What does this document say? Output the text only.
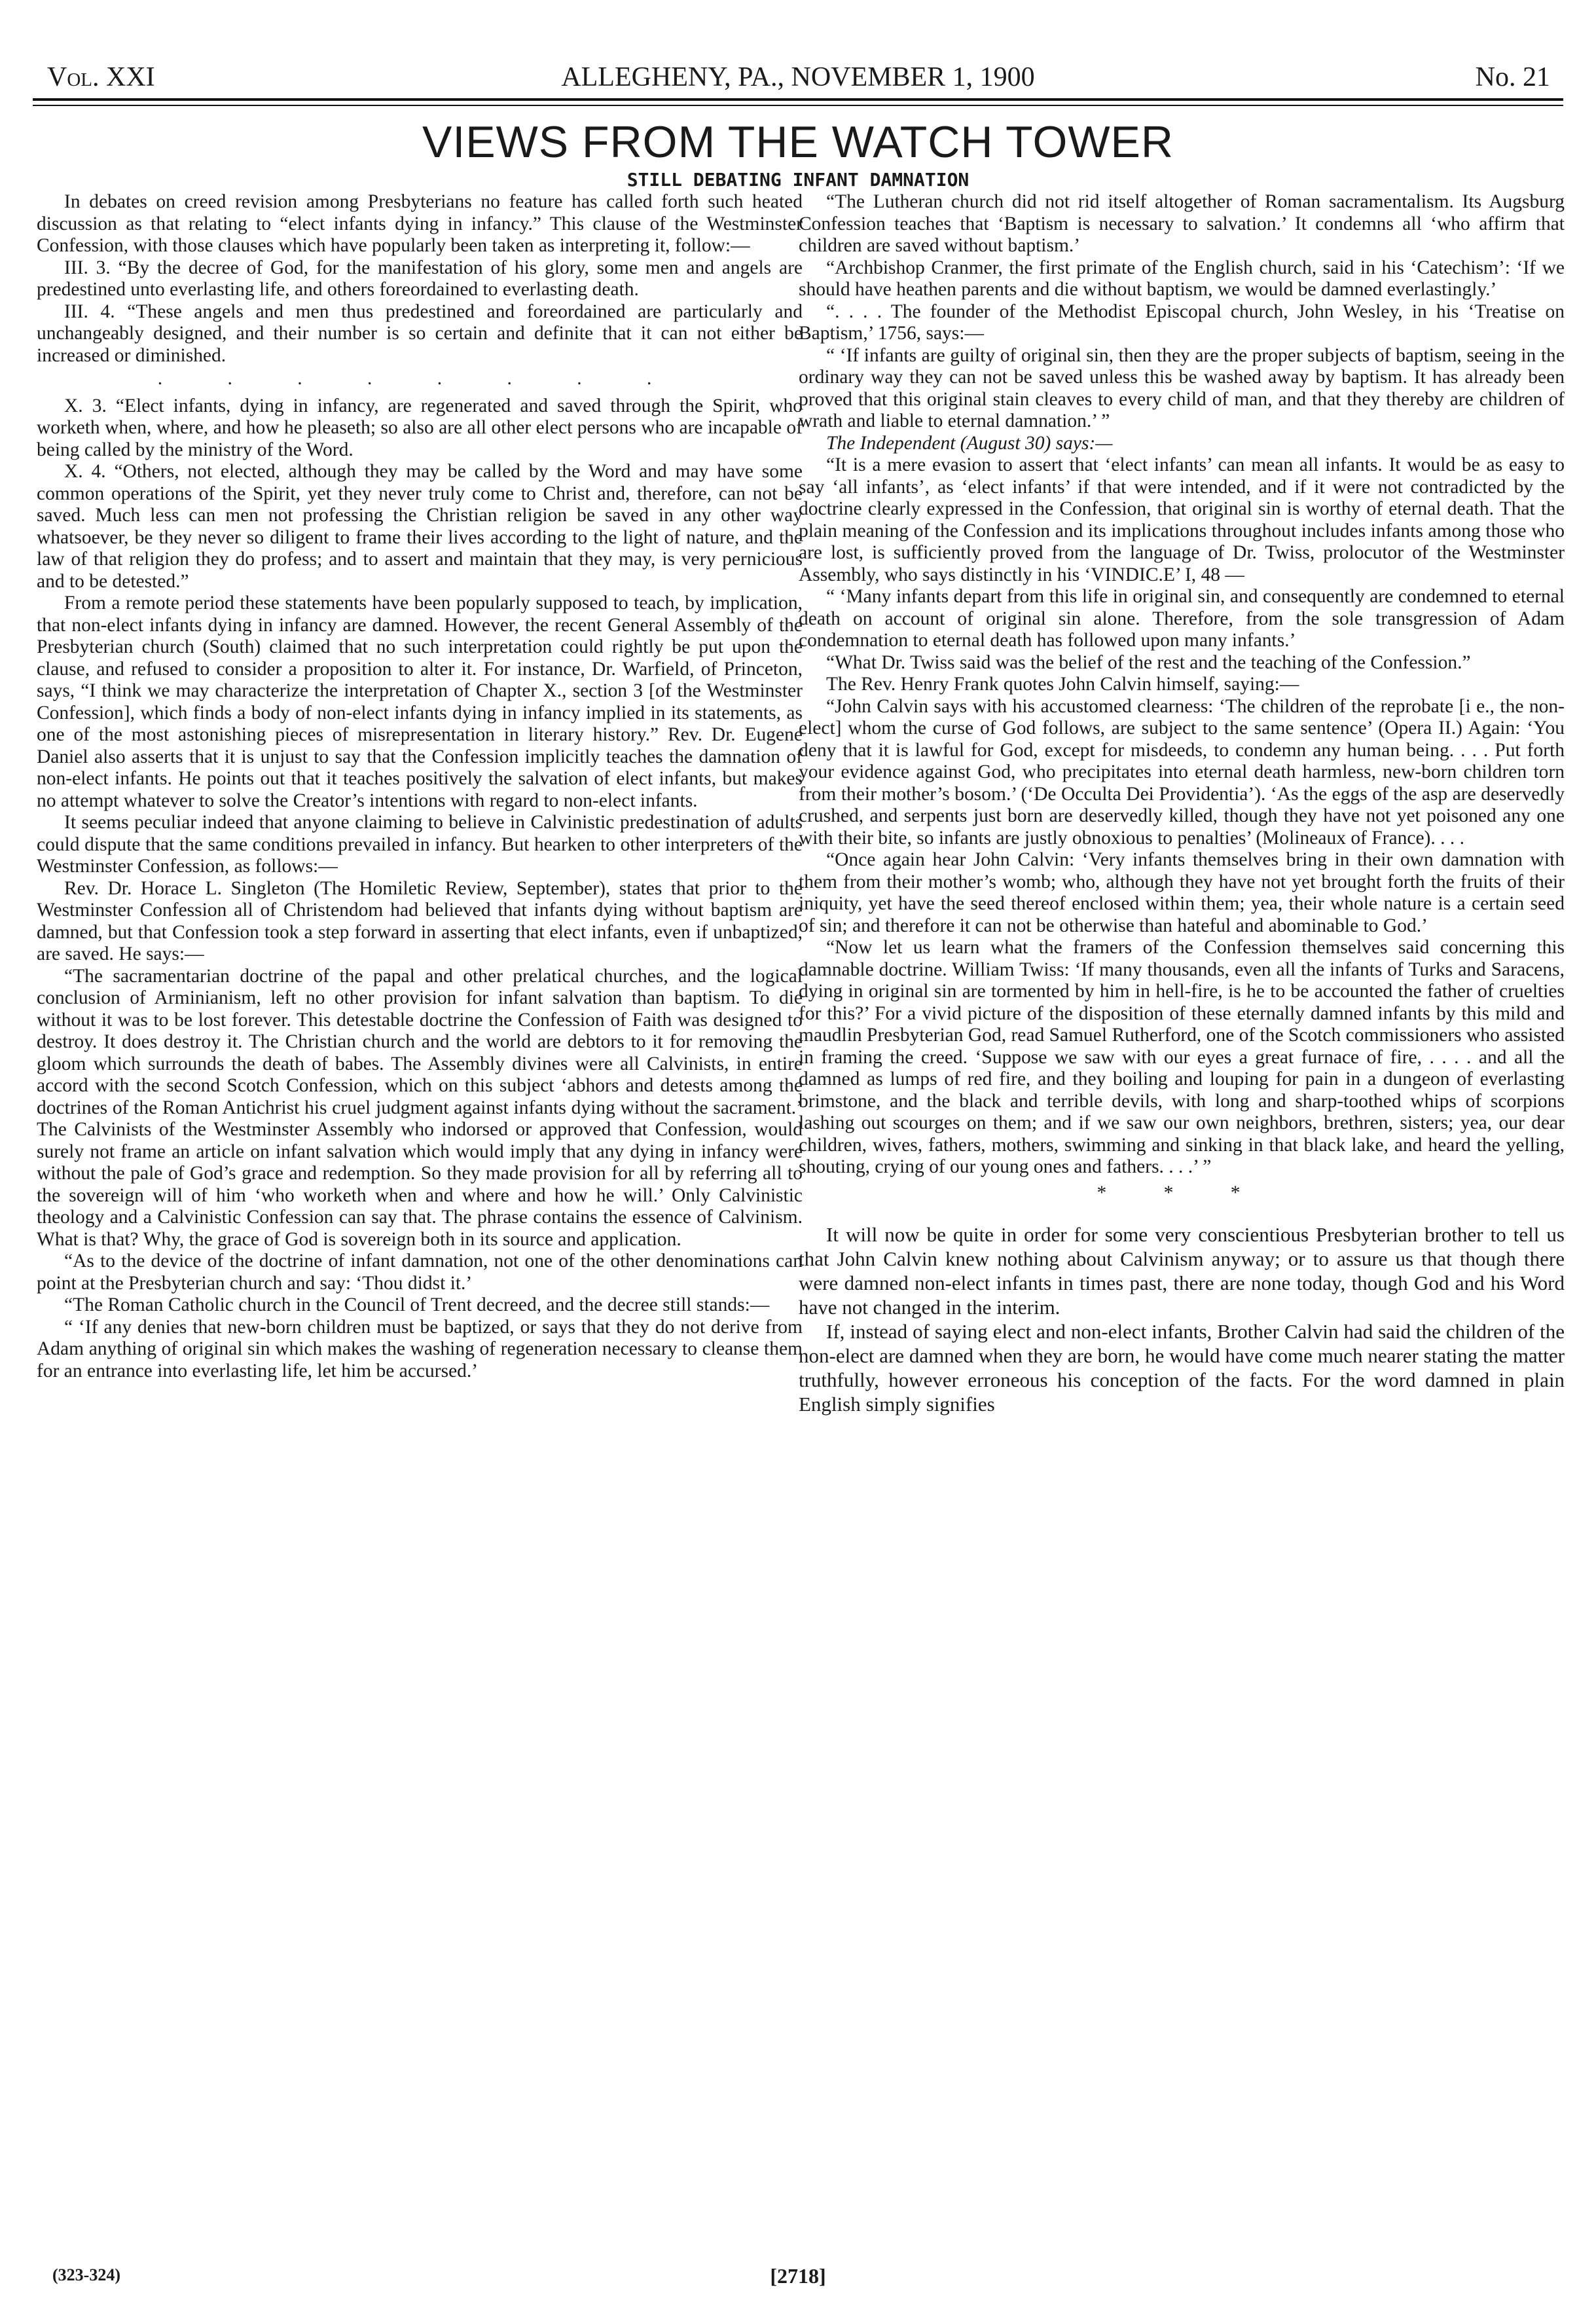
Vol. XXI	ALLEGHENY, PA., NOVEMBER 1, 1900	No. 21
VIEWS FROM THE WATCH TOWER
STILL DEBATING INFANT DAMNATION

In debates on creed revision among Presbyterians no feature has called forth such heated discussion as that relating to “elect infants dying in infancy.” This clause of the Westminster Confession, with those clauses which have popularly been taken as interpreting it, follow:—

III. 3. “By the decree of God, for the manifestation of his glory, some men and angels are predestined unto everlasting life, and others foreordained to everlasting death.

III. 4. “These angels and men thus predestined and foreordained are particularly and unchangeably designed, and their number is so certain and definite that it can not either be increased or diminished.

. . . . . . . .

X. 3. “Elect infants, dying in infancy, are regenerated and saved through the Spirit, who worketh when, where, and how he pleaseth; so also are all other elect persons who are incapable of being called by the ministry of the Word.

X. 4. “Others, not elected, although they may be called by the Word and may have some common operations of the Spirit, yet they never truly come to Christ and, therefore, can not be saved. Much less can men not professing the Christian religion be saved in any other way whatsoever, be they never so diligent to frame their lives according to the light of nature, and the law of that religion they do profess; and to assert and maintain that they may, is very pernicious and to be detested.”

From a remote period these statements have been popularly supposed to teach, by implication, that non-elect infants dying in infancy are damned. However, the recent General Assembly of the Presbyterian church (South) claimed that no such interpretation could rightly be put upon the clause, and refused to consider a proposition to alter it. For instance, Dr. Warfield, of Princeton, says, “I think we may characterize the interpretation of Chapter X., section 3 [of the Westminster Confession], which finds a body of non-elect infants dying in infancy implied in its statements, as one of the most astonishing pieces of misrepresentation in literary history.” Rev. Dr. Eugene Daniel also asserts that it is unjust to say that the Confession implicitly teaches the damnation of non-elect infants. He points out that it teaches positively the salvation of elect infants, but makes no attempt whatever to solve the Creator’s intentions with regard to non-elect infants.

It seems peculiar indeed that anyone claiming to believe in Calvinistic predestination of adults could dispute that the same conditions prevailed in infancy. But hearken to other interpreters of the Westminster Confession, as follows:—

Rev. Dr. Horace L. Singleton (The Homiletic Review, September), states that prior to the Westminster Confession all of Christendom had believed that infants dying without baptism are damned, but that Confession took a step forward in asserting that elect infants, even if unbaptized, are saved. He says:—

“The sacramentarian doctrine of the papal and other prelatical churches, and the logical conclusion of Arminianism, left no other provision for infant salvation than baptism. To die without it was to be lost forever. This detestable doctrine the Confession of Faith was designed to destroy. It does destroy it. The Christian church and the world are debtors to it for removing the gloom which surrounds the death of babes. The Assembly divines were all Calvinists, in entire accord with the second Scotch Confession, which on this subject ‘abhors and detests among the doctrines of the Roman Antichrist his cruel judgment against infants dying without the sacrament.’ The Calvinists of the Westminster Assembly who indorsed or approved that Confession, would surely not frame an article on infant salvation which would imply that any dying in infancy were without the pale of God’s grace and redemption. So they made provision for all by referring all to the sovereign will of him ‘who worketh when and where and how he will.’ Only Calvinistic theology and a Calvinistic Confession can say that. The phrase contains the essence of Calvinism. What is that? Why, the grace of God is sovereign both in its source and application.

“As to the device of the doctrine of infant damnation, not one of the other denominations can point at the Presbyterian church and say: ‘Thou didst it.’

“The Roman Catholic church in the Council of Trent decreed, and the decree still stands:—

“ ‘If any denies that new-born children must be baptized, or says that they do not derive from Adam anything of original sin which makes the washing of regeneration necessary to cleanse them for an entrance into everlasting life, let him be accursed.’

“The Lutheran church did not rid itself altogether of Roman sacramentalism. Its Augsburg Confession teaches that ‘Baptism is necessary to salvation.’ It condemns all ‘who affirm that children are saved without baptism.’

“Archbishop Cranmer, the first primate of the English church, said in his ‘Catechism’: ‘If we should have heathen parents and die without baptism, we would be damned everlastingly.’

“. . . . The founder of the Methodist Episcopal church, John Wesley, in his ‘Treatise on Baptism,’ 1756, says:—

“ ‘If infants are guilty of original sin, then they are the proper subjects of baptism, seeing in the ordinary way they can not be saved unless this be washed away by baptism. It has already been proved that this original stain cleaves to every child of man, and that they thereby are children of wrath and liable to eternal damnation.’ ”

The Independent (August 30) says:—

“It is a mere evasion to assert that ‘elect infants’ can mean all infants. It would be as easy to say ‘all infants’, as ‘elect infants’ if that were intended, and if it were not contradicted by the doctrine clearly expressed in the Confession, that original sin is worthy of eternal death. That the plain meaning of the Confession and its implications throughout includes infants among those who are lost, is sufficiently proved from the language of Dr. Twiss, prolocutor of the Westminster Assembly, who says distinctly in his ‘VINDIC.E’ I, 48 —

“ ‘Many infants depart from this life in original sin, and consequently are condemned to eternal death on account of original sin alone. Therefore, from the sole transgression of Adam condemnation to eternal death has followed upon many infants.’

“What Dr. Twiss said was the belief of the rest and the teaching of the Confession.”

The Rev. Henry Frank quotes John Calvin himself, saying:—

“John Calvin says with his accustomed clearness: ‘The children of the reprobate [i e., the non-elect] whom the curse of God follows, are subject to the same sentence’ (Opera II.) Again: ‘You deny that it is lawful for God, except for misdeeds, to condemn any human being. . . . Put forth your evidence against God, who precipitates into eternal death harmless, new-born children torn from their mother’s bosom.’ (‘De Occulta Dei Providentia’). ‘As the eggs of the asp are deservedly crushed, and serpents just born are deservedly killed, though they have not yet poisoned any one with their bite, so infants are justly obnoxious to penalties’ (Molineaux of France). . . .

“Once again hear John Calvin: ‘Very infants themselves bring in their own damnation with them from their mother’s womb; who, although they have not yet brought forth the fruits of their iniquity, yet have the seed thereof enclosed within them; yea, their whole nature is a certain seed of sin; and therefore it can not be otherwise than hateful and abominable to God.’

“Now let us learn what the framers of the Confession themselves said concerning this damnable doctrine. William Twiss: ‘If many thousands, even all the infants of Turks and Saracens, dying in original sin are tormented by him in hell-fire, is he to be accounted the father of cruelties for this?’ For a vivid picture of the disposition of these eternally damned infants by this mild and maudlin Presbyterian God, read Samuel Rutherford, one of the Scotch commissioners who assisted in framing the creed. ‘Suppose we saw with our eyes a great furnace of fire, . . . . and all the damned as lumps of red fire, and they boiling and louping for pain in a dungeon of everlasting brimstone, and the black and terrible devils, with long and sharp-toothed whips of scorpions lashing out scourges on them; and if we saw our own neighbors, brethren, sisters; yea, our dear children, wives, fathers, mothers, swimming and sinking in that black lake, and heard the yelling, shouting, crying of our young ones and fathers. . . .’ ”

* * *

It will now be quite in order for some very conscientious Presbyterian brother to tell us that John Calvin knew nothing about Calvinism anyway; or to assure us that though there were damned non-elect infants in times past, there are none today, though God and his Word have not changed in the interim.

If, instead of saying elect and non-elect infants, Brother Calvin had said the children of the non-elect are damned when they are born, he would have come much nearer stating the matter truthfully, however erroneous his conception of the facts. For the word damned in plain English simply signifies

(323-324)	[2718]
